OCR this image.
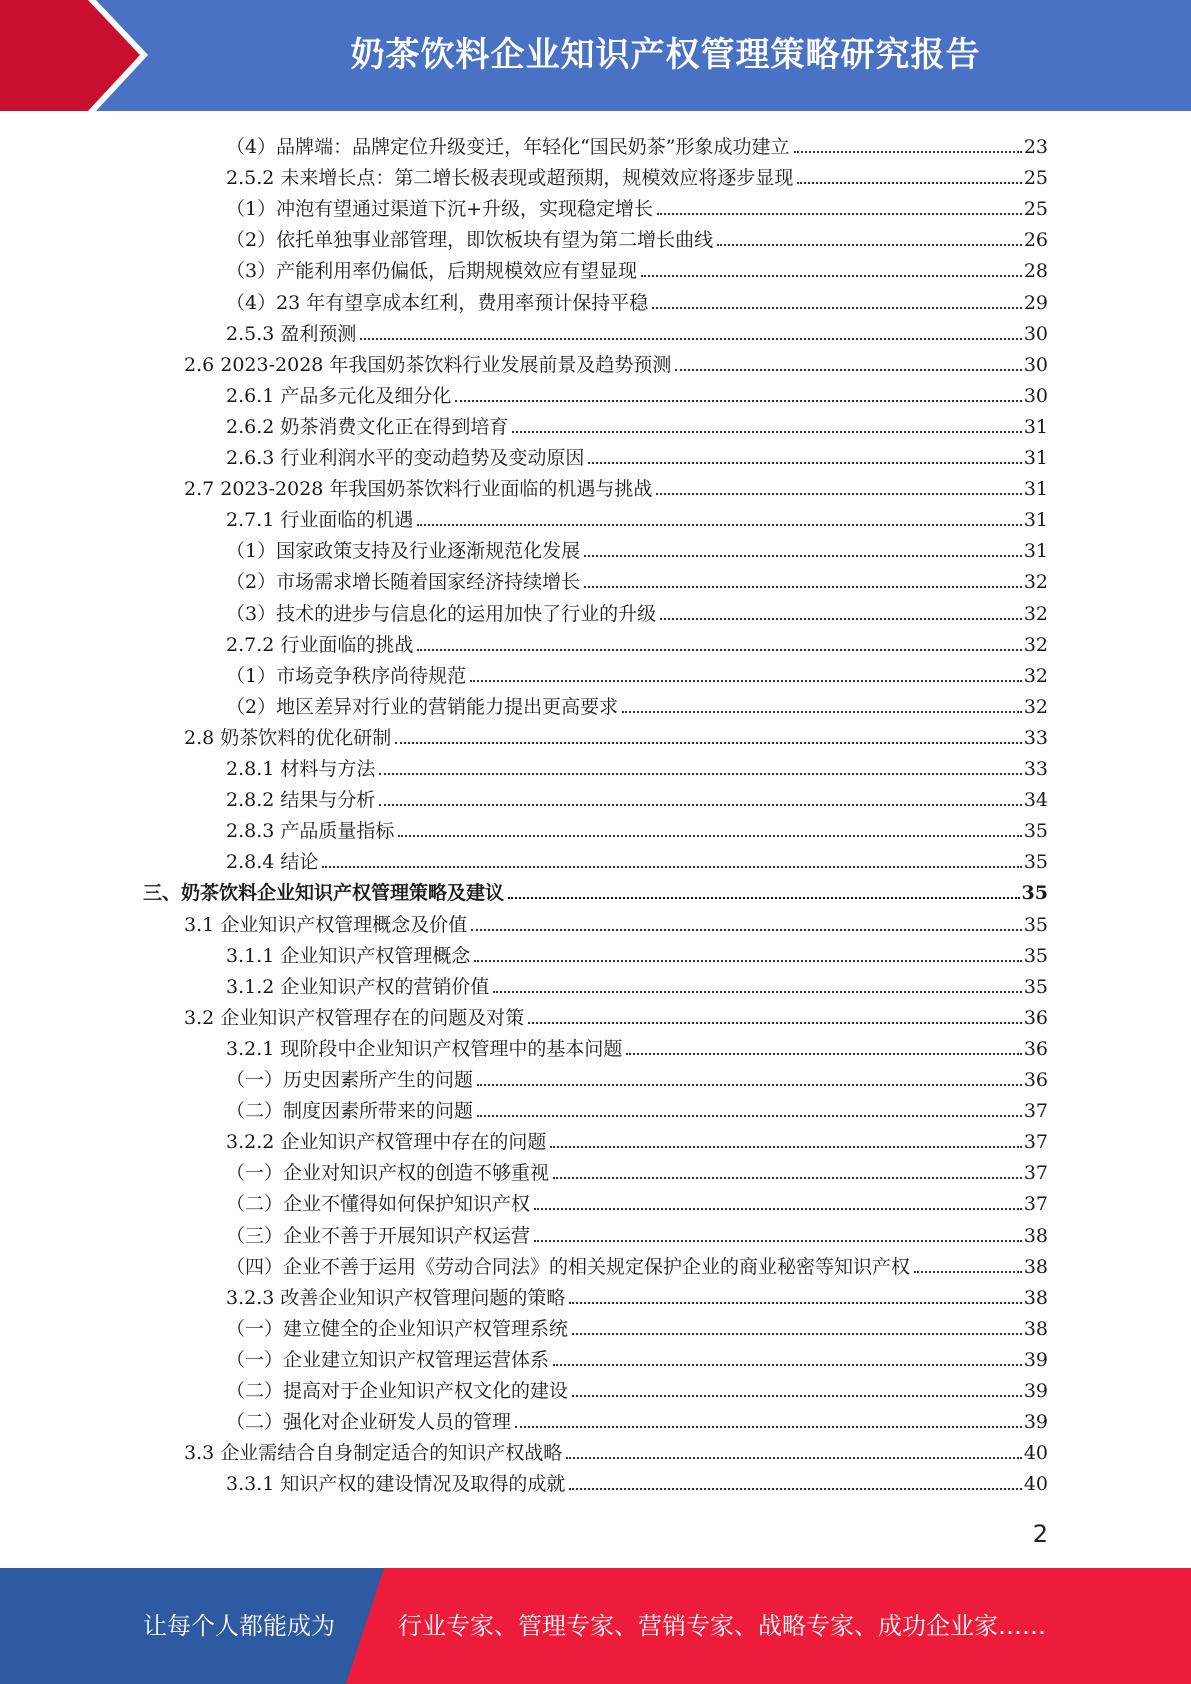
奶茶饮料企业知识产权管理策略研究报告
（4）品牌端：品牌定位升级变迁，年轻化“国民奶茶”形象成功建立	23
2.5.2 未来增长点：第二增长极表现或超预期，规模效应将逐步显现	25
（1）冲泡有望通过渠道下沉+升级，实现稳定增长	25
（2）依托单独事业部管理，即饮板块有望为第二增长曲线	26
（3）产能利用率仍偏低，后期规模效应有望显现	28
（4）23 年有望享成本红利，费用率预计保持平稳	29
2.5.3 盈利预测	30
2.6 2023-2028 年我国奶茶饮料行业发展前景及趋势预测	30
2.6.1 产品多元化及细分化	30
2.6.2 奶茶消费文化正在得到培育	31
2.6.3 行业利润水平的变动趋势及变动原因	31
2.7 2023-2028 年我国奶茶饮料行业面临的机遇与挑战	31
2.7.1 行业面临的机遇	31
（1）国家政策支持及行业逐渐规范化发展	31
（2）市场需求增长随着国家经济持续增长	32
（3）技术的进步与信息化的运用加快了行业的升级	32
2.7.2 行业面临的挑战	32
（1）市场竞争秩序尚待规范	32
（2）地区差异对行业的营销能力提出更高要求	32
2.8 奶茶饮料的优化研制	33
2.8.1 材料与方法	33
2.8.2 结果与分析	34
2.8.3 产品质量指标	35
2.8.4 结论	35
三、奶茶饮料企业知识产权管理策略及建议	35
3.1 企业知识产权管理概念及价值	35
3.1.1 企业知识产权管理概念	35
3.1.2 企业知识产权的营销价值	35
3.2 企业知识产权管理存在的问题及对策	36
3.2.1 现阶段中企业知识产权管理中的基本问题	36
（一）历史因素所产生的问题	36
（二）制度因素所带来的问题	37
3.2.2 企业知识产权管理中存在的问题	37
（一）企业对知识产权的创造不够重视	37
（二）企业不懂得如何保护知识产权	37
（三）企业不善于开展知识产权运营	38
（四）企业不善于运用《劳动合同法》的相关规定保护企业的商业秘密等知识产权	38
3.2.3 改善企业知识产权管理问题的策略	38
（一）建立健全的企业知识产权管理系统	38
（一）企业建立知识产权管理运营体系	39
（二）提高对于企业知识产权文化的建设	39
（二）强化对企业研发人员的管理	39
3.3 企业需结合自身制定适合的知识产权战略	40
3.3.1 知识产权的建设情况及取得的成就	40
2
让每个人都能成为	行业专家、管理专家、营销专家、战略专家、成功企业家……
